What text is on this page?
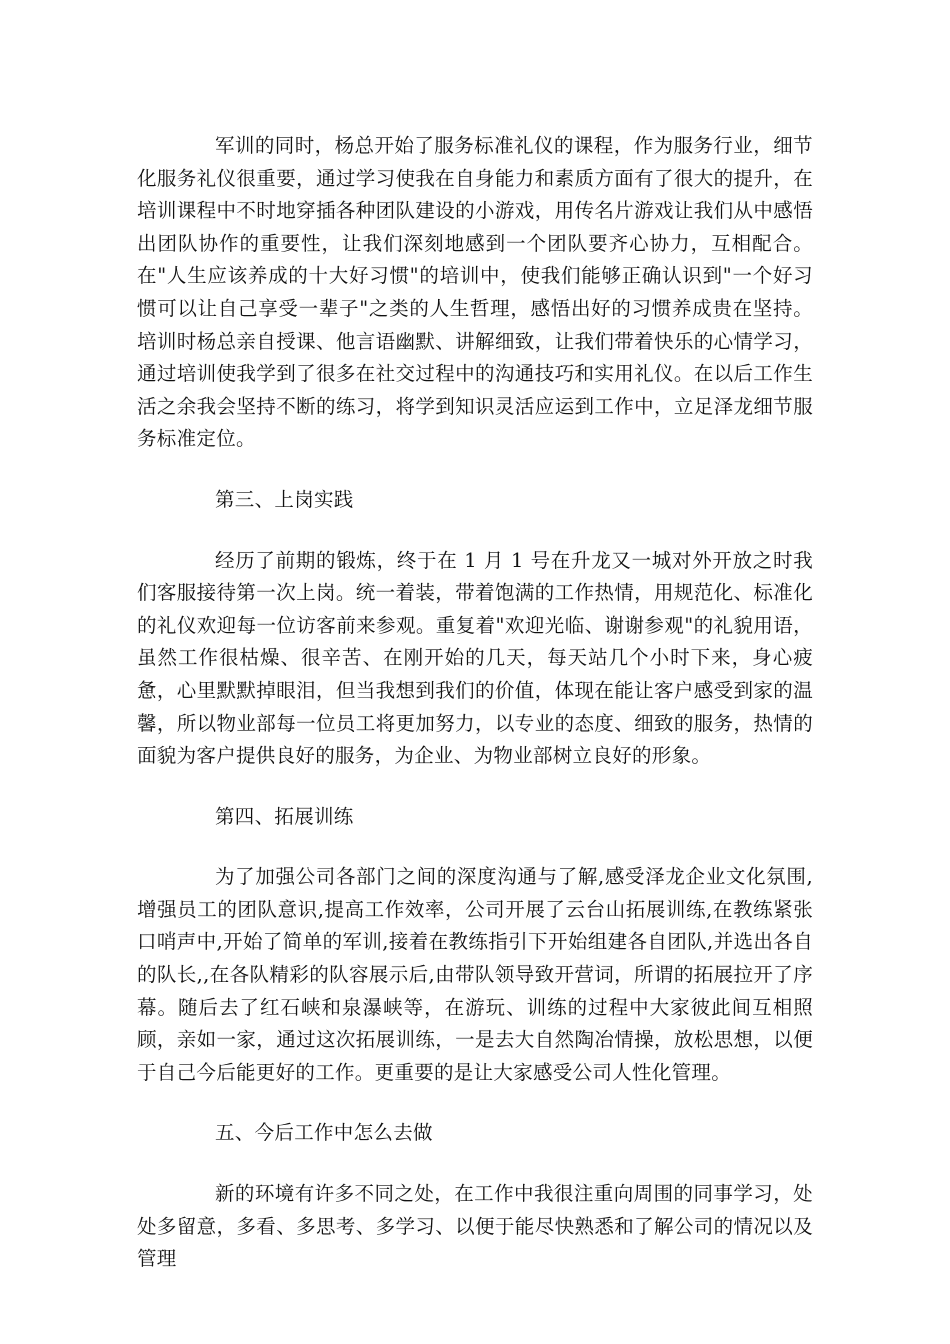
军训的同时，杨总开始了服务标准礼仪的课程，作为服务行业，细节化服务礼仪很重要，通过学习使我在自身能力和素质方面有了很大的提升，在培训课程中不时地穿插各种团队建设的小游戏，用传名片游戏让我们从中感悟出团队协作的重要性，让我们深刻地感到一个团队要齐心协力，互相配合。在"人生应该养成的十大好习惯"的培训中，使我们能够正确认识到"一个好习惯可以让自己享受一辈子"之类的人生哲理，感悟出好的习惯养成贵在坚持。培训时杨总亲自授课、他言语幽默、讲解细致，让我们带着快乐的心情学习，通过培训使我学到了很多在社交过程中的沟通技巧和实用礼仪。在以后工作生活之余我会坚持不断的练习，将学到知识灵活应运到工作中，立足泽龙细节服务标准定位。

第三、上岗实践

经历了前期的锻炼，终于在 1 月 1 号在升龙又一城对外开放之时我们客服接待第一次上岗。统一着装，带着饱满的工作热情，用规范化、标准化的礼仪欢迎每一位访客前来参观。重复着"欢迎光临、谢谢参观"的礼貌用语，虽然工作很枯燥、很辛苦、在刚开始的几天，每天站几个小时下来，身心疲惫，心里默默掉眼泪，但当我想到我们的价值，体现在能让客户感受到家的温馨，所以物业部每一位员工将更加努力，以专业的态度、细致的服务，热情的面貌为客户提供良好的服务，为企业、为物业部树立良好的形象。

第四、拓展训练

为了加强公司各部门之间的深度沟通与了解,感受泽龙企业文化氛围,增强员工的团队意识,提高工作效率，公司开展了云台山拓展训练,在教练紧张口哨声中,开始了简单的军训,接着在教练指引下开始组建各自团队,并选出各自的队长,,在各队精彩的队容展示后,由带队领导致开营词，所谓的拓展拉开了序幕。随后去了红石峡和泉瀑峡等，在游玩、训练的过程中大家彼此间互相照顾，亲如一家，通过这次拓展训练，一是去大自然陶冶情操，放松思想，以便于自己今后能更好的工作。更重要的是让大家感受公司人性化管理。

五、今后工作中怎么去做

新的环境有许多不同之处，在工作中我很注重向周围的同事学习，处处多留意，多看、多思考、多学习、以便于能尽快熟悉和了解公司的情况以及管理
